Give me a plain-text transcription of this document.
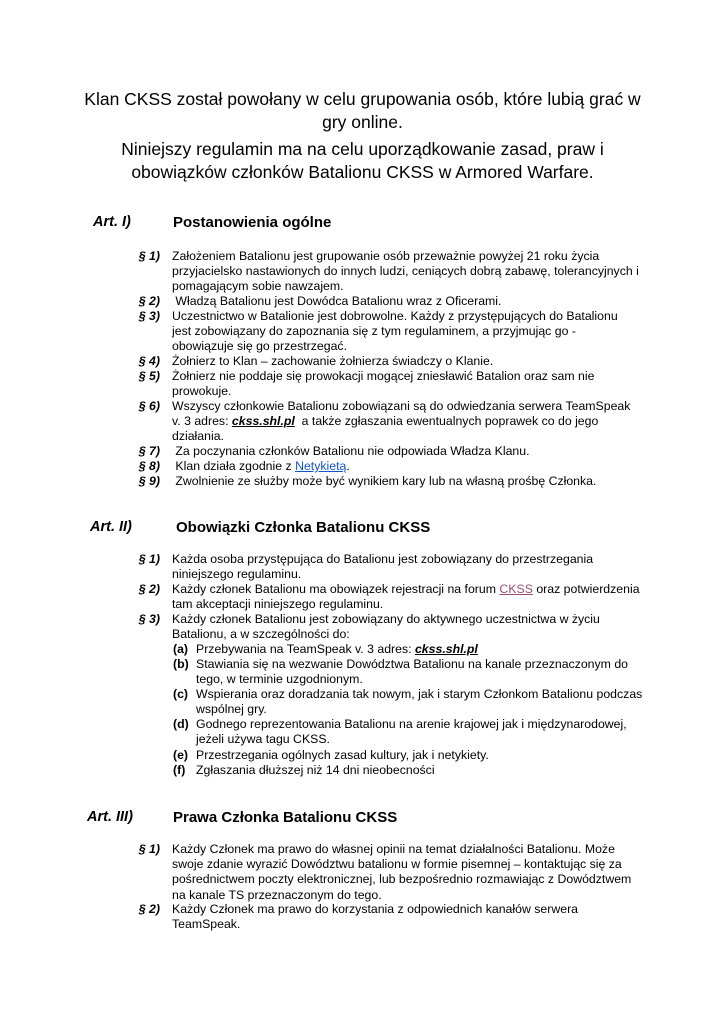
Klan CKSS został powołany w celu grupowania osób, które lubią grać w gry online.
Niniejszy regulamin ma na celu uporządkowanie zasad, praw i obowiązków członków Batalionu CKSS w Armored Warfare.
Art. I)	Postanowienia ogólne
§ 1) Założeniem Batalionu jest grupowanie osób przeważnie powyżej 21 roku życia przyjacielsko nastawionych do innych ludzi, ceniących dobrą zabawę, tolerancyjnych i pomagającym sobie nawzajem.
§ 2) Władzą Batalionu jest Dowódca Batalionu wraz z Oficerami.
§ 3) Uczestnictwo w Batalionie jest dobrowolne. Każdy z przystępujących do Batalionu jest zobowiązany do zapoznania się z tym regulaminem, a przyjmując go - obowiązuje się go przestrzegać.
§ 4) Żołnierz to Klan – zachowanie żołnierza świadczy o Klanie.
§ 5) Żołnierz nie poddaje się prowokacji mogącej zniesławić Batalion oraz sam nie prowokuje.
§ 6) Wszyscy członkowie Batalionu zobowiązani są do odwiedzania serwera TeamSpeak v. 3 adres: ckss.shl.pl  a także zgłaszania ewentualnych poprawek co do jego działania.
§ 7) Za poczynania członków Batalionu nie odpowiada Władza Klanu.
§ 8) Klan działa zgodnie z Netykietą.
§ 9) Zwolnienie ze służby może być wynikiem kary lub na własną prośbę Członka.
Art. II)	Obowiązki Członka Batalionu CKSS
§ 1) Każda osoba przystępująca do Batalionu jest zobowiązany do przestrzegania niniejszego regulaminu.
§ 2) Każdy członek Batalionu ma obowiązek rejestracji na forum CKSS oraz potwierdzenia tam akceptacji niniejszego regulaminu.
§ 3) Każdy członek Batalionu jest zobowiązany do aktywnego uczestnictwa w życiu Batalionu, a w szczególności do:
(a) Przebywania na TeamSpeak v. 3 adres: ckss.shl.pl
(b) Stawiania się na wezwanie Dowództwa Batalionu na kanale przeznaczonym do tego, w terminie uzgodnionym.
(c) Wspierania oraz doradzania tak nowym, jak i starym Członkom Batalionu podczas wspólnej gry.
(d) Godnego reprezentowania Batalionu na arenie krajowej jak i międzynarodowej, jeżeli używa tagu CKSS.
(e) Przestrzegania ogólnych zasad kultury, jak i netykiety.
(f) Zgłaszania dłuższej niż 14 dni nieobecności
Art. III)	Prawa Członka Batalionu CKSS
§ 1) Każdy Członek ma prawo do własnej opinii na temat działalności Batalionu. Może swoje zdanie wyrazić Dowództwu batalionu w formie pisemnej – kontaktując się za pośrednictwem poczty elektronicznej, lub bezpośrednio rozmawiając z Dowództwem na kanale TS przeznaczonym do tego.
§ 2) Każdy Członek ma prawo do korzystania z odpowiednich kanałów serwera TeamSpeak.
